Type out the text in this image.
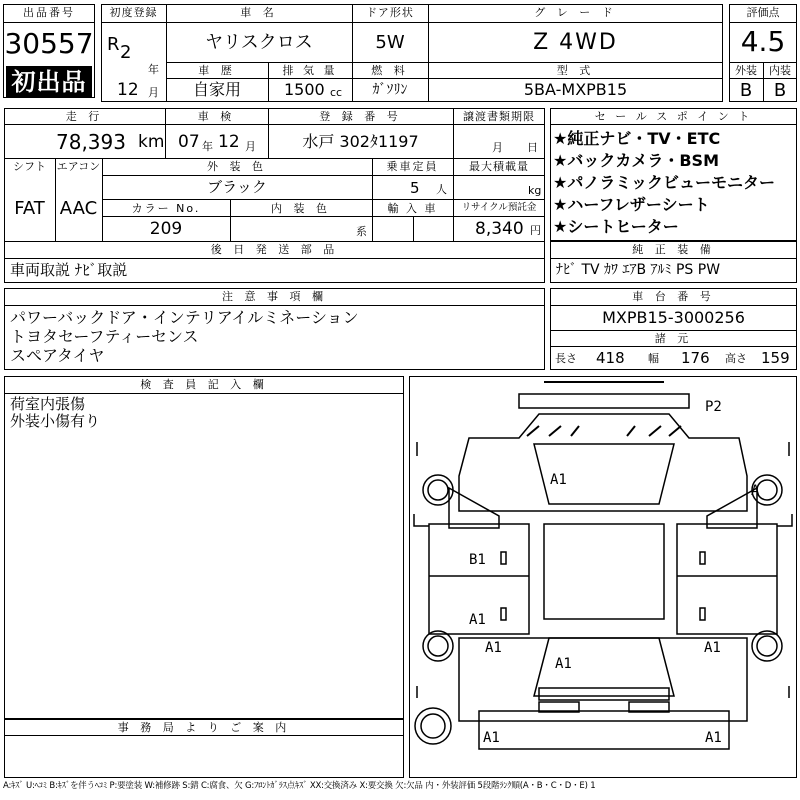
出品番号
30557
初出品
初度登録
R 2
年
12 月
車 名
ヤリスクロス
ドア形状
5W
グ レ ー ド
Z 4WD
車 歴
自家用
排 気 量
1500 cc
燃 料
ｶﾞｿﾘﾝ
型 式
5BA-MXPB15
評価点
4.5
外装	内装
B	B
走 行
78,393 km
車 検
07 年 12 月
登 録 番 号
水戸 302ﾀ1197
譲渡書類期限
月 日
シフト エアコン
FAT AAC
外 装 色
ブラック
乗車定員
5 人
最大積載量
kg
カラー No.
209
内 装 色
系
輸 入 車	リサイクル預託金
8,340 円
後 日 発 送 部 品
車両取説 ﾅﾋﾞ取説
セ ー ル ス ポ イ ン ト
★純正ナビ・TV・ETC
★バックカメラ・BSM
★パノラミックビューモニター
★ハーフレザーシート
★シートヒーター
純 正 装 備
ﾅﾋﾞ TV ｶﾜ ｴｱB ｱﾙﾐ PS PW
注 意 事 項 欄
パワーバックドア・インテリアイルミネーション
トヨタセーフティーセンス
スペアタイヤ
車 台 番 号
MXPB15-3000256
諸 元
長さ 418 幅 176 高さ 159
検 査 員 記 入 欄
荷室内張傷
外装小傷有り
事 務 局 よ り ご 案 内
P2
A1
A
B1
A1
A1	A1
A1
A1	A1
A:ｷｽﾞ U:ﾍｺﾐ B:ｷｽﾞを伴うﾍｺﾐ P:要塗装 W:補修跡 S:錆 C:腐食、欠 G:ﾌﾛﾝﾄｶﾞﾗｽ点ｷｽﾞ XX:交換済み X:要交換 欠:欠品 内・外装評価 5段階ﾗﾝｸ順(A・B・C・D・E) 1
